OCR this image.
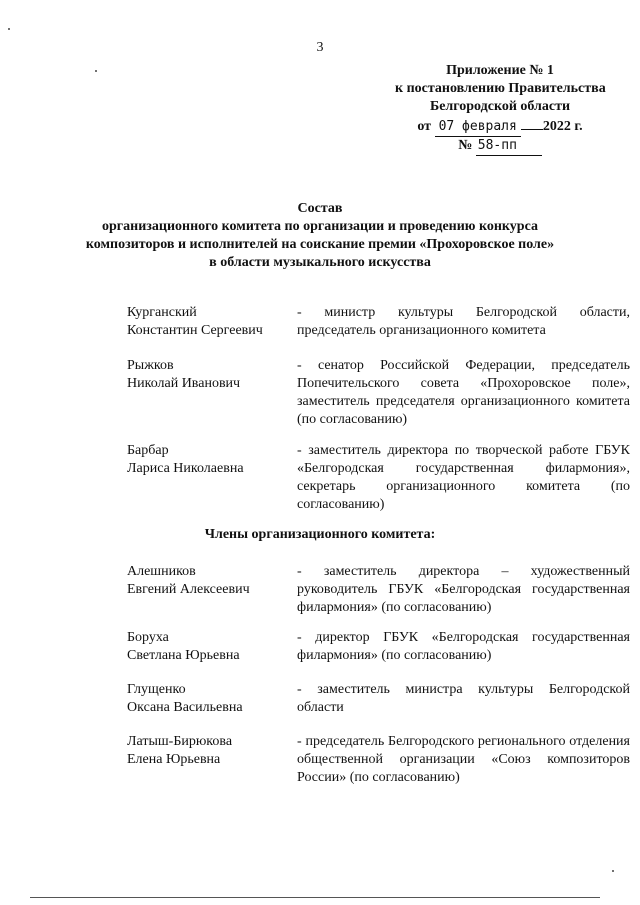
3
Приложение № 1
к постановлению Правительства
Белгородской области
от 07 февраля 2022 г.
№ 58-пп
Состав
организационного комитета по организации и проведению конкурса
композиторов и исполнителей на соискание премии «Прохоровское поле»
в области музыкального искусства
Курганский
Константин Сергеевич
- министр культуры Белгородской области, председатель организационного комитета
Рыжков
Николай Иванович
- сенатор Российской Федерации, председатель Попечительского совета «Прохоровское поле», заместитель председателя организационного комитета (по согласованию)
Барбар
Лариса Николаевна
- заместитель директора по творческой работе ГБУК «Белгородская государственная филармония», секретарь организационного комитета (по согласованию)
Алешников
Евгений Алексеевич
- заместитель директора – художественный руководитель ГБУК «Белгородская государственная филармония» (по согласованию)
Боруха
Светлана Юрьевна
- директор ГБУК «Белгородская государственная филармония» (по согласованию)
Глущенко
Оксана Васильевна
- заместитель министра культуры Белгородской области
Латыш-Бирюкова
Елена Юрьевна
- председатель Белгородского регионального отделения общественной организации «Союз композиторов России» (по согласованию)
Члены организационного комитета:
